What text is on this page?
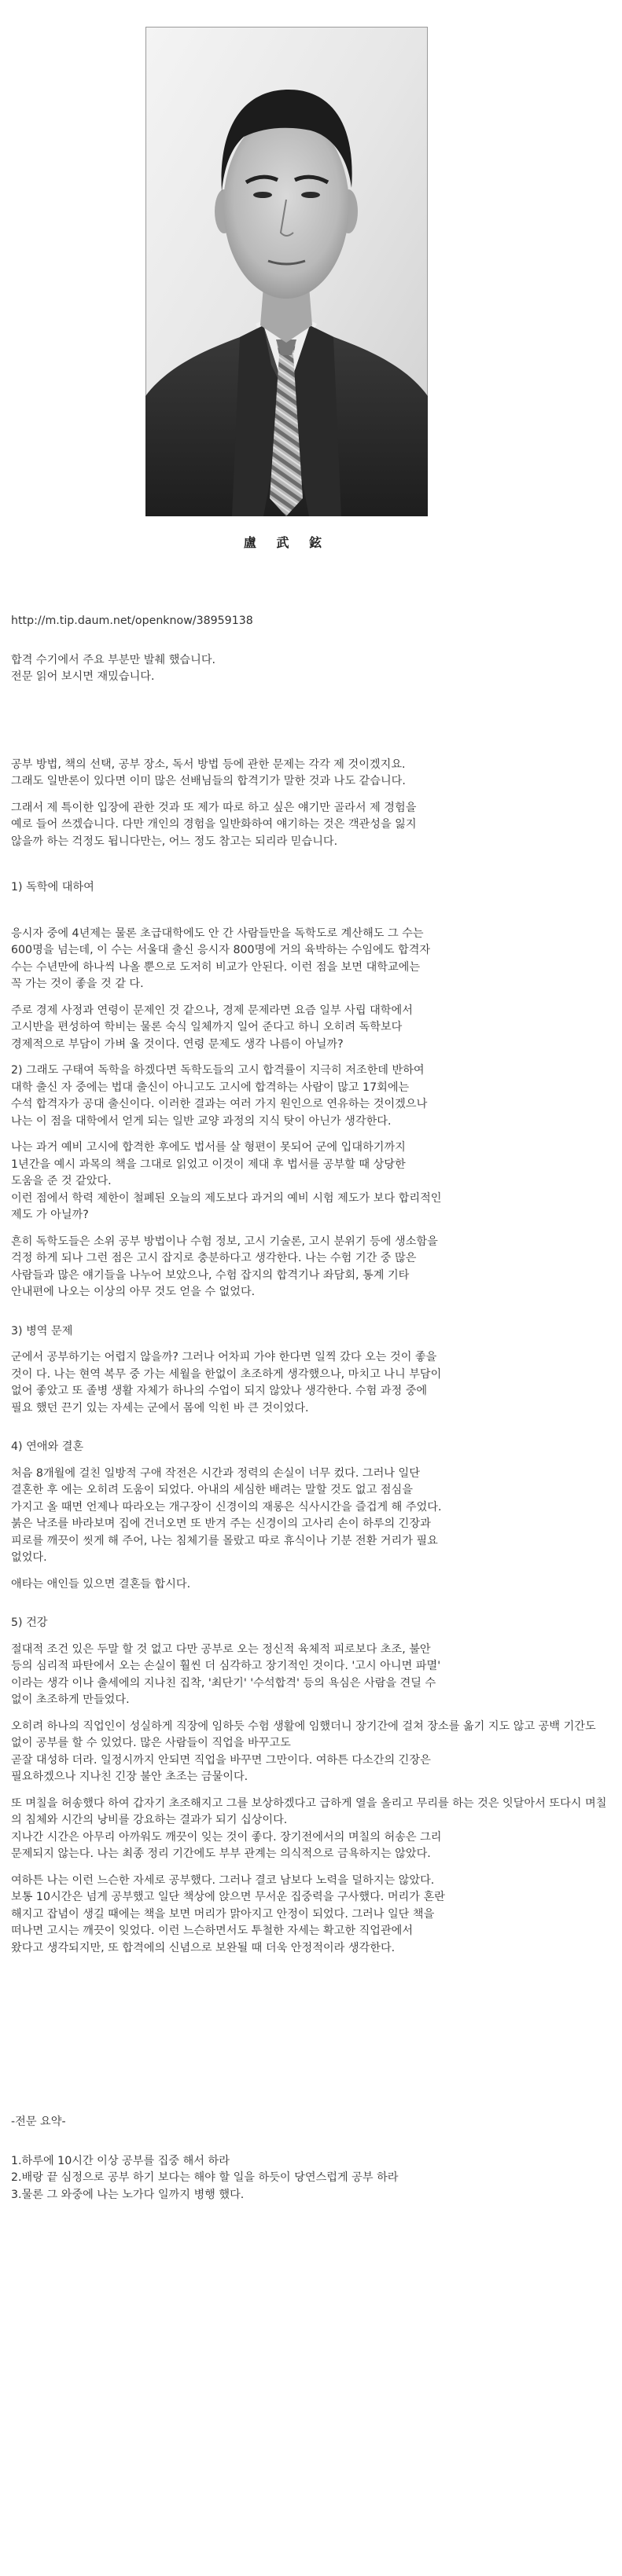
盧 武 鉉

http://m.tip.daum.net/openknow/38959138

합격 수기에서 주요 부분만 발췌 했습니다.
전문 읽어 보시면 재밌습니다.

공부 방법, 책의 선택, 공부 장소, 독서 방법 등에 관한 문제는 각각 제 것이겠지요.
그래도 일반론이 있다면 이미 많은 선배님들의 합격기가 말한 것과 나도 같습니다.

그래서 제 특이한 입장에 관한 것과 또 제가 따로 하고 싶은 얘기만 골라서 제 경험을
예로 들어 쓰겠습니다. 다만 개인의 경험을 일반화하여 얘기하는 것은 객관성을 잃지
않을까 하는 걱정도 됩니다만는, 어느 정도 참고는 되리라 믿습니다.

1) 독학에 대하여

응시자 중에 4년제는 물론 초급대학에도 안 간 사람들만을 독학도로 계산해도 그 수는
600명을 넘는데, 이 수는 서울대 출신 응시자 800명에 거의 육박하는 수임에도 합격자
수는 수년만에 하나씩 나올 뿐으로 도저히 비교가 안된다. 이런 점을 보면 대학교에는
꼭 가는 것이 좋을 것 같 다.

주로 경제 사정과 연령이 문제인 것 같으나, 경제 문제라면 요즘 일부 사립 대학에서
고시반을 편성하여 학비는 물론 숙식 일체까지 일어 준다고 하니 오히려 독학보다
경제적으로 부담이 가벼 울 것이다. 연령 문제도 생각 나름이 아닐까?

2) 그래도 구태여 독학을 하겠다면 독학도들의 고시 합격률이 지극히 저조한데 반하여
대학 출신 자 중에는 법대 출신이 아니고도 고시에 합격하는 사람이 많고 17회에는
수석 합격자가 공대 출신이다. 이러한 결과는 여러 가지 원인으로 연유하는 것이겠으나
나는 이 점을 대학에서 얻게 되는 일반 교양 과정의 지식 탓이 아닌가 생각한다.

나는 과거 예비 고시에 합격한 후에도 법서를 살 형편이 못되어 군에 입대하기까지
1년간을 예시 과목의 책을 그대로 읽었고 이것이 제대 후 법서를 공부할 때 상당한
도움을 준 것 같았다.
이런 점에서 학력 제한이 철폐된 오늘의 제도보다 과거의 예비 시험 제도가 보다 합리적인
제도 가 아닐까?

흔히 독학도들은 소위 공부 방법이나 수험 정보, 고시 기술론, 고시 분위기 등에 생소함을
걱정 하게 되나 그런 점은 고시 잡지로 충분하다고 생각한다. 나는 수험 기간 중 많은
사람들과 많은 얘기들을 나누어 보았으나, 수험 잡지의 합격기나 좌담회, 통계 기타
안내편에 나오는 이상의 아무 것도 얻을 수 없었다.

3) 병역 문제

군에서 공부하기는 어렵지 않을까? 그러나 어차피 가야 한다면 일찍 갔다 오는 것이 좋을
것이 다. 나는 현역 복무 중 가는 세월을 한없이 초조하게 생각했으나, 마치고 나니 부담이
없어 좋았고 또 졸병 생활 자체가 하나의 수업이 되지 않았나 생각한다. 수험 과정 중에
필요 했던 끈기 있는 자세는 군에서 몸에 익힌 바 큰 것이었다.

4) 연애와 결혼

처음 8개월에 걸친 일방적 구애 작전은 시간과 정력의 손실이 너무 컸다. 그러나 일단
결혼한 후 에는 오히려 도움이 되었다. 아내의 세심한 배려는 말할 것도 없고 점심을
가지고 올 때면 언제나 따라오는 개구장이 신경이의 재롱은 식사시간을 즐겁게 해 주었다.
붉은 낙조를 바라보며 집에 건너오면 또 반겨 주는 신경이의 고사리 손이 하루의 긴장과
피로를 깨끗이 씻게 해 주어, 나는 침체기를 몰랐고 따로 휴식이나 기분 전환 거리가 필요
없었다.

애타는 애인들 있으면 결혼들 합시다.

5) 건강

절대적 조건 있은 두말 할 것 없고 다만 공부로 오는 정신적 육체적 피로보다 초조, 불안
등의 심리적 파탄에서 오는 손실이 훨씬 더 심각하고 장기적인 것이다. '고시 아니면 파멸'
이라는 생각 이나 출세에의 지나친 집착, '최단기' '수석합격' 등의 욕심은 사람을 견딜 수
없이 초조하게 만들었다.

오히려 하나의 직업인이 성실하게 직장에 임하듯 수험 생활에 임했더니 장기간에 걸쳐 장소를 옮기 지도 않고 공백 기간도 없이 공부를 할 수 있었다. 많은 사람들이 직업을 바꾸고도
곧잘 대성하 더라. 일정시까지 안되면 직업을 바꾸면 그만이다. 여하튼 다소간의 긴장은
필요하겠으나 지나친 긴장 불안 초조는 금물이다.

또 며칠을 허송했다 하여 갑자기 초조해지고 그를 보상하겠다고 급하게 열을 올리고 무리를 하는 것은 잇달아서 또다시 며칠의 침체와 시간의 낭비를 강요하는 결과가 되기 십상이다.
지나간 시간은 아무리 아까워도 깨끗이 잊는 것이 좋다. 장기전에서의 며칠의 허송은 그리
문제되지 않는다. 나는 최종 정리 기간에도 부부 관계는 의식적으로 금욕하지는 않았다.

여하튼 나는 이런 느슨한 자세로 공부했다. 그러나 결코 남보다 노력을 덜하지는 않았다.
보통 10시간은 넘게 공부했고 일단 책상에 앉으면 무서운 집중력을 구사했다. 머리가 혼란
해지고 잡념이 생길 때에는 책을 보면 머리가 맑아지고 안정이 되었다. 그러나 일단 책을
떠나면 고시는 깨끗이 잊었다. 이런 느슨하면서도 투철한 자세는 확고한 직업관에서
왔다고 생각되지만, 또 합격에의 신념으로 보완될 때 더욱 안정적이라 생각한다.

-전문 요약-

1.하루에 10시간 이상 공부를 집중 해서 하라

2.배랑 끝 심정으로 공부 하기 보다는 해야 할 일을 하듯이 당연스럽게 공부 하라

3.물론 그 와중에 나는 노가다 일까지 병행 했다.
